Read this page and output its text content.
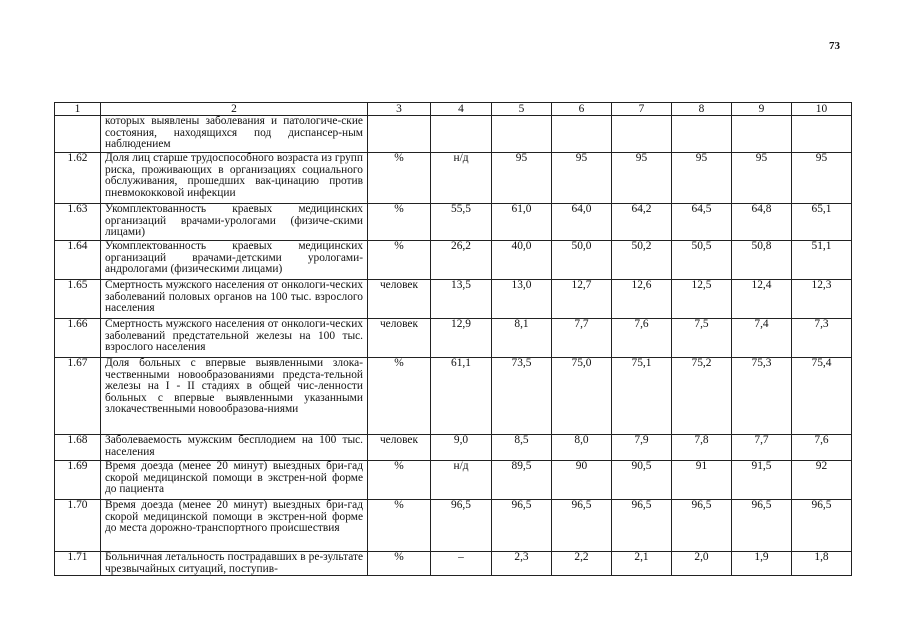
73
1	2	3	4	5	6	7	8	9	10
	которых выявлены заболевания и патологиче-ские состояния, находящихся под диспансер-ным наблюдением								
1.62	Доля лиц старше трудоспособного возраста из групп риска, проживающих в организациях социального обслуживания, прошедших вак-цинацию против пневмококковой инфекции	%	н/д	95	95	95	95	95	95
1.63	Укомплектованность краевых медицинских организаций врачами-урологами (физиче-скими лицами)	%	55,5	61,0	64,0	64,2	64,5	64,8	65,1
1.64	Укомплектованность краевых медицинских организаций врачами-детскими урологами-андрологами (физическими лицами)	%	26,2	40,0	50,0	50,2	50,5	50,8	51,1
1.65	Смертность мужского населения от онкологи-ческих заболеваний половых органов на 100 тыс. взрослого населения	человек	13,5	13,0	12,7	12,6	12,5	12,4	12,3
1.66	Смертность мужского населения от онкологи-ческих заболеваний предстательной железы на 100 тыс. взрослого населения	человек	12,9	8,1	7,7	7,6	7,5	7,4	7,3
1.67	Доля больных с впервые выявленными злока-чественными новообразованиями предста-тельной железы на I - II стадиях в общей чис-ленности больных с впервые выявленными указанными злокачественными новообразова-ниями	%	61,1	73,5	75,0	75,1	75,2	75,3	75,4
1.68	Заболеваемость мужским бесплодием на 100 тыс. населения	человек	9,0	8,5	8,0	7,9	7,8	7,7	7,6
1.69	Время доезда (менее 20 минут) выездных бри-гад скорой медицинской помощи в экстрен-ной форме до пациента	%	н/д	89,5	90	90,5	91	91,5	92
1.70	Время доезда (менее 20 минут) выездных бри-гад скорой медицинской помощи в экстрен-ной форме до места дорожно-транспортного происшествия	%	96,5	96,5	96,5	96,5	96,5	96,5	96,5
1.71	Больничная летальность пострадавших в ре-зультате чрезвычайных ситуаций, поступив-	%	–	2,3	2,2	2,1	2,0	1,9	1,8
